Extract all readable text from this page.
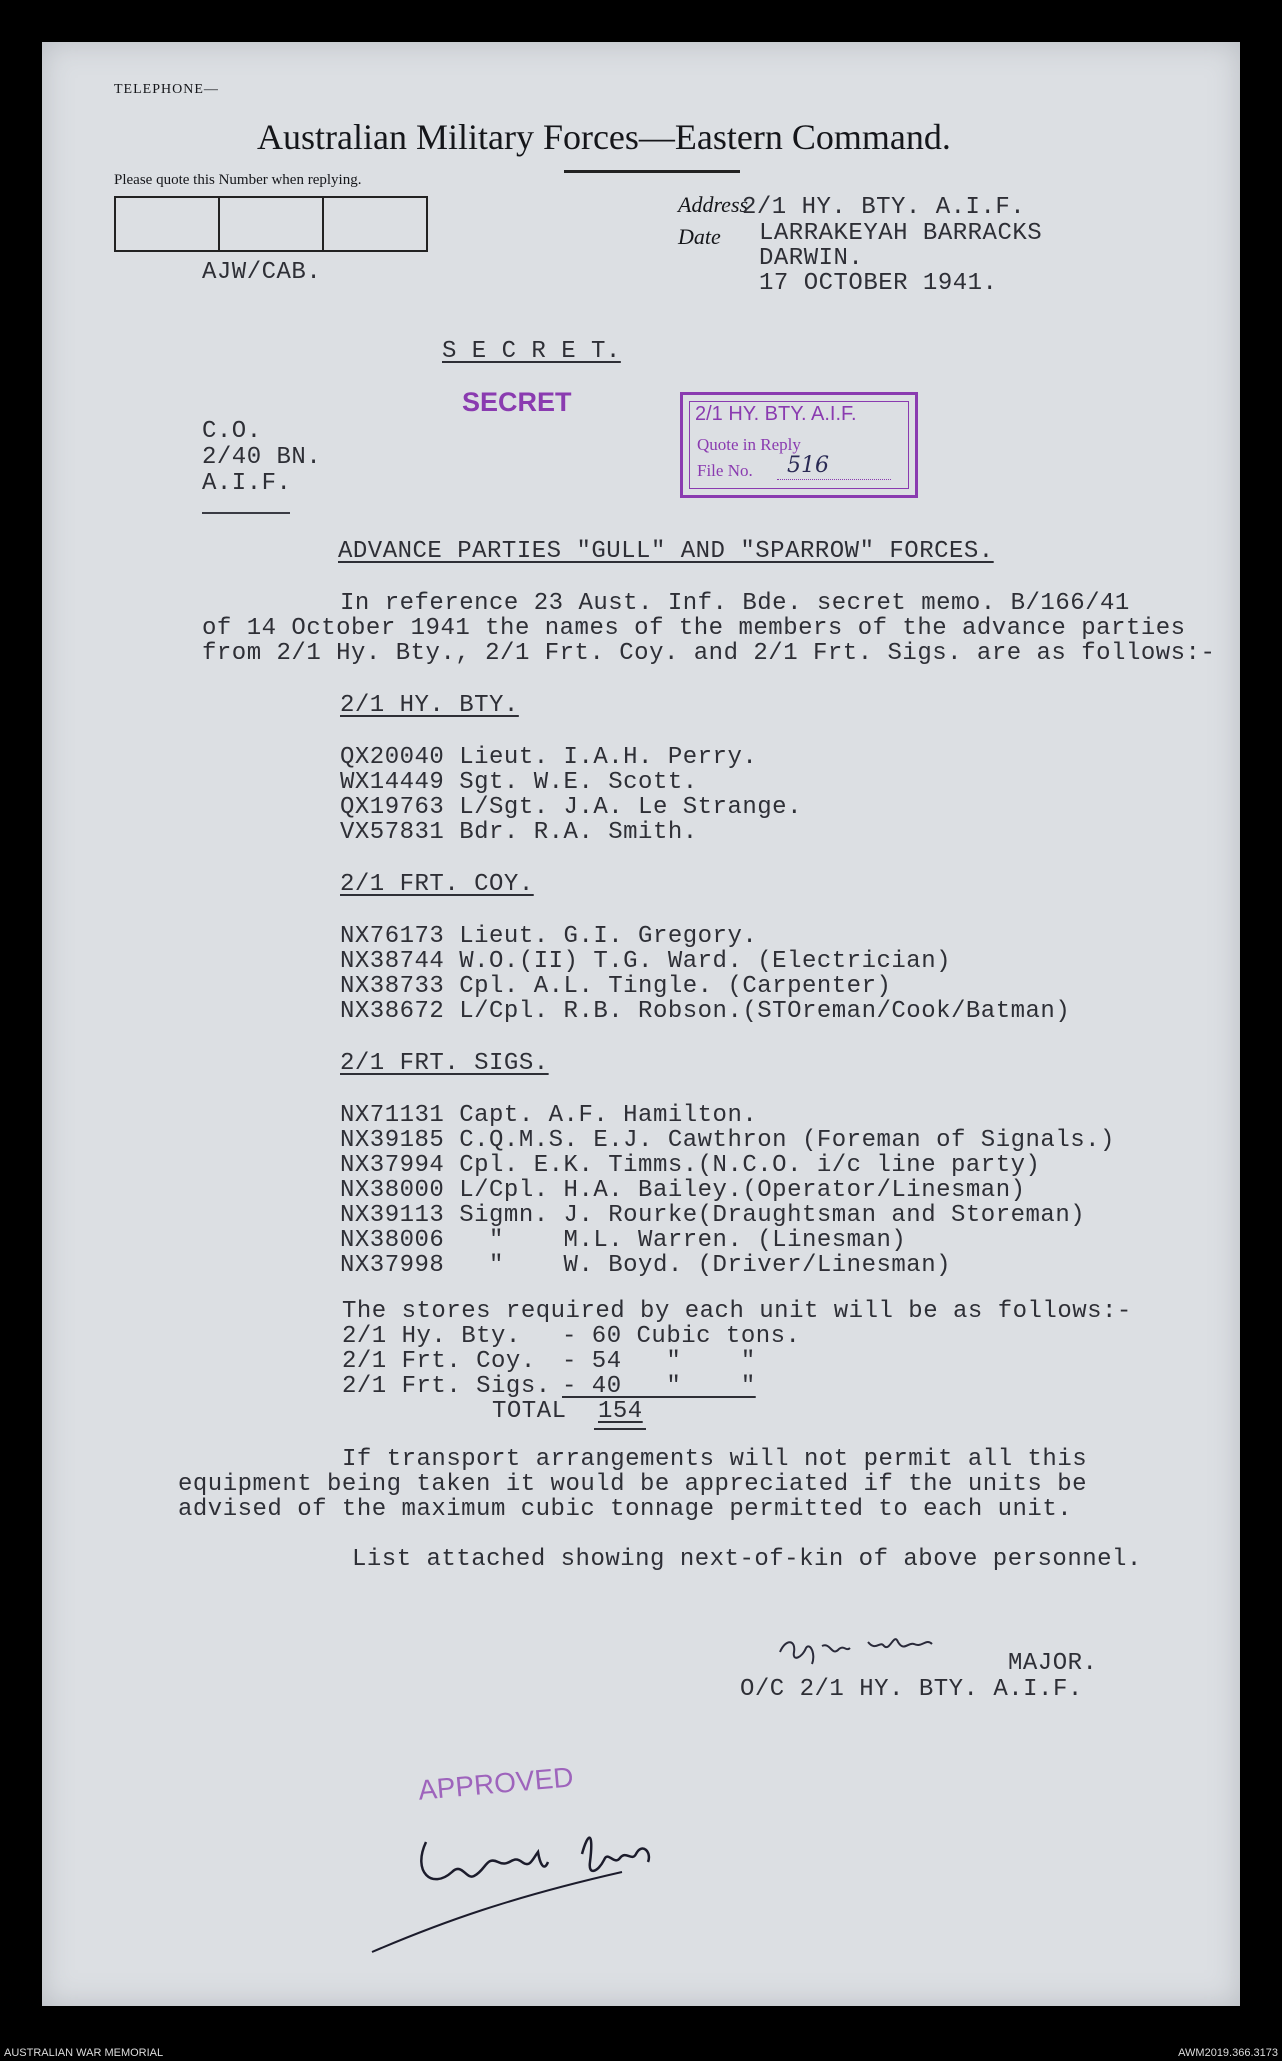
TELEPHONE—
Australian Military Forces—Eastern Command.
Please quote this Number when replying.
AJW/CAB.
Address
Date
2/1 HY. BTY. A.I.F.
LARRAKEYAH BARRACKS
DARWIN.
17 OCTOBER 1941.
S E C R E T.
SECRET	2/1 HY. BTY. A.I.F.
Quote in Reply
File No. 516
C.O.
2/40 BN.
A.I.F.
ADVANCE PARTIES "GULL" AND "SPARROW" FORCES.
In reference 23 Aust. Inf. Bde. secret memo. B/166/41
of 14 October 1941 the names of the members of the advance parties
from 2/1 Hy. Bty., 2/1 Frt. Coy. and 2/1 Frt. Sigs. are as follows:-
2/1 HY. BTY.
QX20040 Lieut. I.A.H. Perry.
WX14449 Sgt. W.E. Scott.
QX19763 L/Sgt. J.A. Le Strange.
VX57831 Bdr. R.A. Smith.
2/1 FRT. COY.
NX76173 Lieut. G.I. Gregory.
NX38744 W.O.(II) T.G. Ward. (Electrician)
NX38733 Cpl. A.L. Tingle. (Carpenter)
NX38672 L/Cpl. R.B. Robson.(STOreman/Cook/Batman)
2/1 FRT. SIGS.
NX71131 Capt. A.F. Hamilton.
NX39185 C.Q.M.S. E.J. Cawthron (Foreman of Signals.)
NX37994 Cpl. E.K. Timms.(N.C.O. i/c line party)
NX38000 L/Cpl. H.A. Bailey.(Operator/Linesman)
NX39113 Sigmn. J. Rourke(Draughtsman and Storeman)
NX38006   "    M.L. Warren. (Linesman)
NX37998   "    W. Boyd. (Driver/Linesman)
The stores required by each unit will be as follows:-
2/1 Hy. Bty. - 60 Cubic tons.
2/1 Frt. Coy. - 54   "    "
2/1 Frt. Sigs. - 40   "    "
TOTAL 154
If transport arrangements will not permit all this
equipment being taken it would be appreciated if the units be
advised of the maximum cubic tonnage permitted to each unit.
List attached showing next-of-kin of above personnel.
MAJOR.
O/C 2/1 HY. BTY. A.I.F.
APPROVED
AUSTRALIAN WAR MEMORIAL	AWM2019.366.3173
